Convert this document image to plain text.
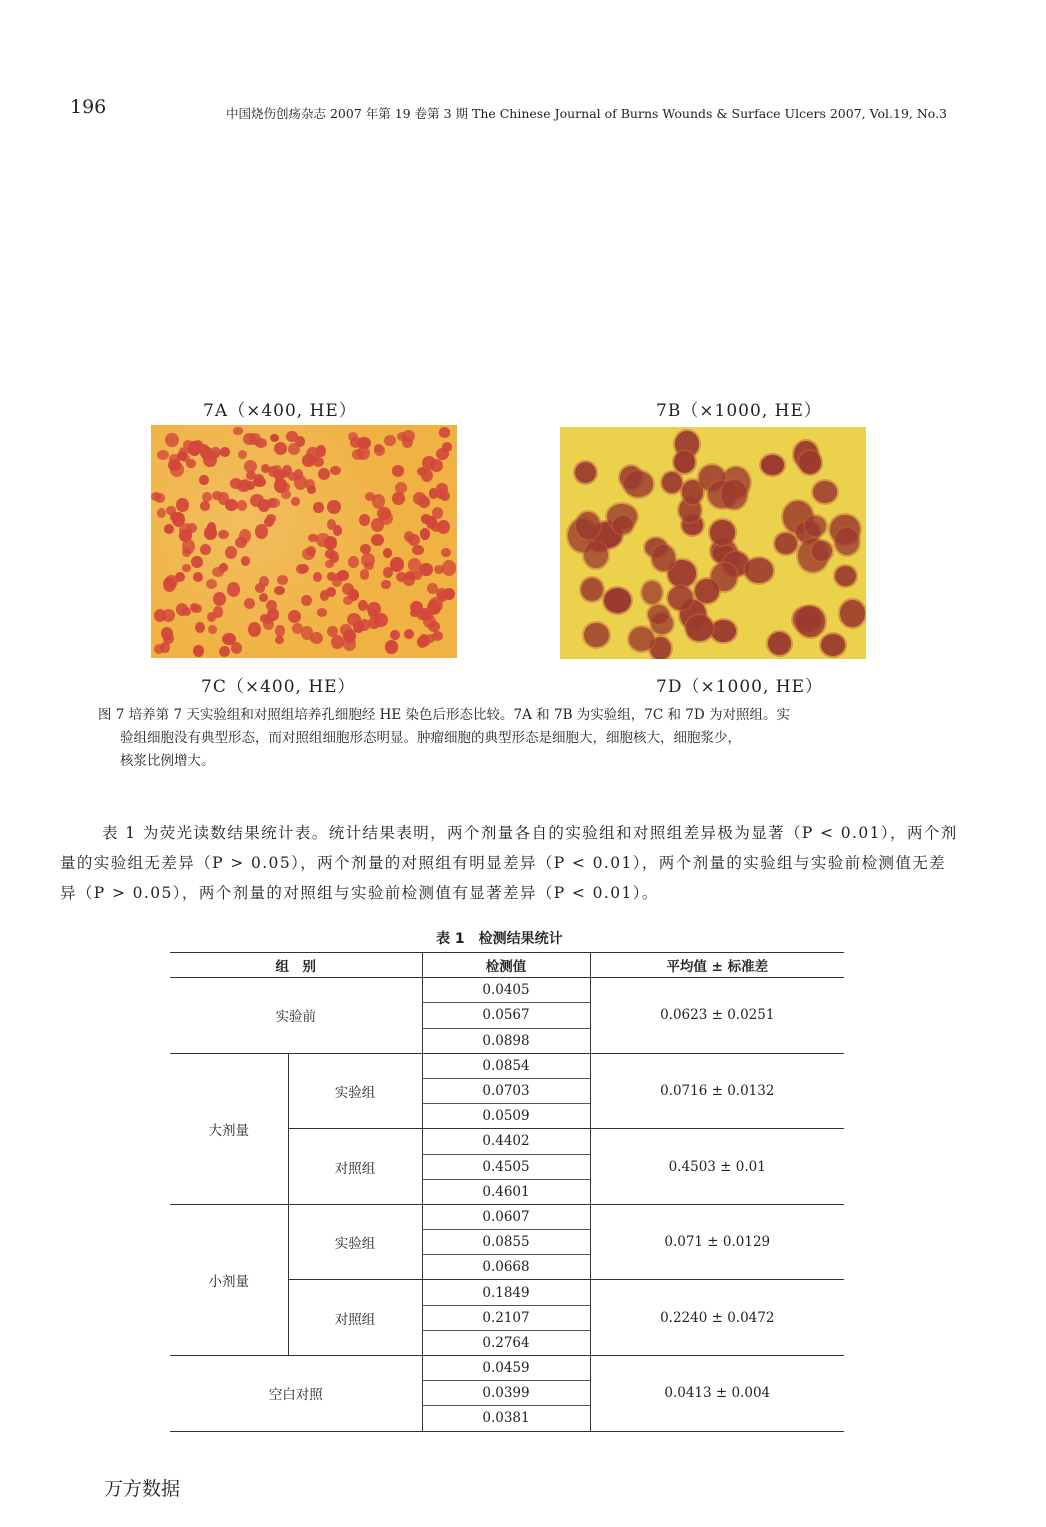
196	中国烧伤创疡杂志 2007 年第 19 卷第 3 期 The Chinese Journal of Burns Wounds & Surface Ulcers 2007, Vol.19, No.3
7A（×400, HE）	7B（×1000, HE）
7C（×400, HE）	7D（×1000, HE）
图 7 培养第 7 天实验组和对照组培养孔细胞经 HE 染色后形态比较。7A 和 7B 为实验组，7C 和 7D 为对照组。实
验组细胞没有典型形态，而对照组细胞形态明显。肿瘤细胞的典型形态是细胞大，细胞核大，细胞浆少，
核浆比例增大。
表 1 为荧光读数结果统计表。统计结果表明，两个剂量各自的实验组和对照组差异极为显著（P < 0.01），两个剂量的实验组无差异（P > 0.05），两个剂量的对照组有明显差异（P < 0.01），两个剂量的实验组与实验前检测值无差异（P > 0.05），两个剂量的对照组与实验前检测值有显著差异（P < 0.01）。
表 1　检测结果统计
组　别		检测值	平均值 ± 标准差
实验前		0.0405	0.0623 ± 0.0251
		0.0567	
		0.0898	
大剂量	实验组	0.0854	0.0716 ± 0.0132
		0.0703	
		0.0509	
	对照组	0.4402	0.4503 ± 0.01
		0.4505	
		0.4601	
小剂量	实验组	0.0607	0.071 ± 0.0129
		0.0855	
		0.0668	
	对照组	0.1849	0.2240 ± 0.0472
		0.2107	
		0.2764	
空白对照		0.0459	0.0413 ± 0.004
		0.0399	
		0.0381	
万方数据
